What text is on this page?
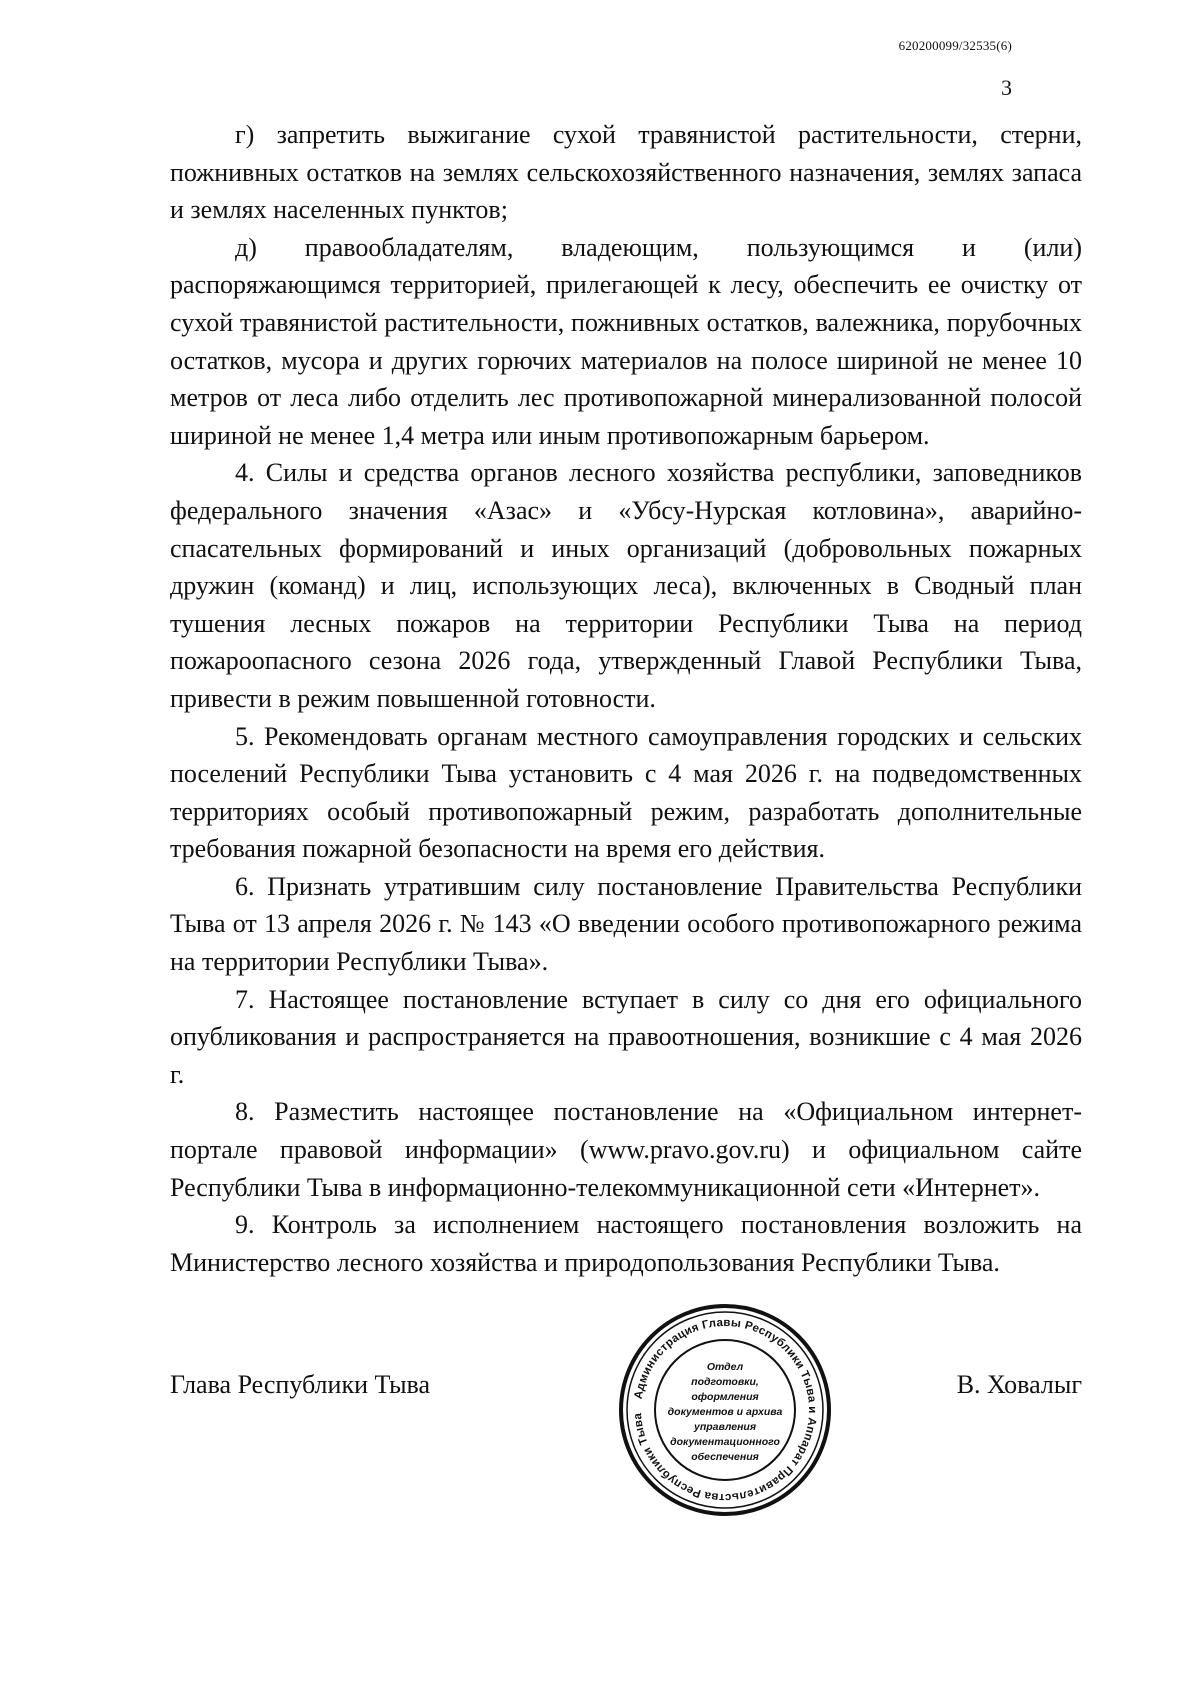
620200099/32535(6)
3

г) запретить выжигание сухой травянистой растительности, стерни, пожнивных остатков на землях сельскохозяйственного назначения, землях запаса и землях населенных пунктов;

д) правообладателям, владеющим, пользующимся и (или) распоряжающимся территорией, прилегающей к лесу, обеспечить ее очистку от сухой травянистой растительности, пожнивных остатков, валежника, порубочных остатков, мусора и других горючих материалов на полосе шириной не менее 10 метров от леса либо отделить лес противопожарной минерализованной полосой шириной не менее 1,4 метра или иным противопожарным барьером.

4. Силы и средства органов лесного хозяйства республики, заповедников федерального значения «Азас» и «Убсу-Нурская котловина», аварийно-спасательных формирований и иных организаций (добровольных пожарных дружин (команд) и лиц, использующих леса), включенных в Сводный план тушения лесных пожаров на территории Республики Тыва на период пожароопасного сезона 2026 года, утвержденный Главой Республики Тыва, привести в режим повышенной готовности.

5. Рекомендовать органам местного самоуправления городских и сельских поселений Республики Тыва установить с 4 мая 2026 г. на подведомственных территориях особый противопожарный режим, разработать дополнительные требования пожарной безопасности на время его действия.

6. Признать утратившим силу постановление Правительства Республики Тыва от 13 апреля 2026 г. № 143 «О введении особого противопожарного режима на территории Республики Тыва».

7. Настоящее постановление вступает в силу со дня его официального опубликования и распространяется на правоотношения, возникшие с 4 мая 2026 г.

8. Разместить настоящее постановление на «Официальном интернет-портале правовой информации» (www.pravo.gov.ru) и официальном сайте Республики Тыва в информационно-телекоммуникационной сети «Интернет».

9. Контроль за исполнением настоящего постановления возложить на Министерство лесного хозяйства и природопользования Республики Тыва.

Глава Республики Тыва	В. Ховалыг
Администрация Главы Республики Тыва и Аппарат Правительства Республики Тыва
Отдел
подготовки,
оформления
документов и архива
управления
документационного
обеспечения
